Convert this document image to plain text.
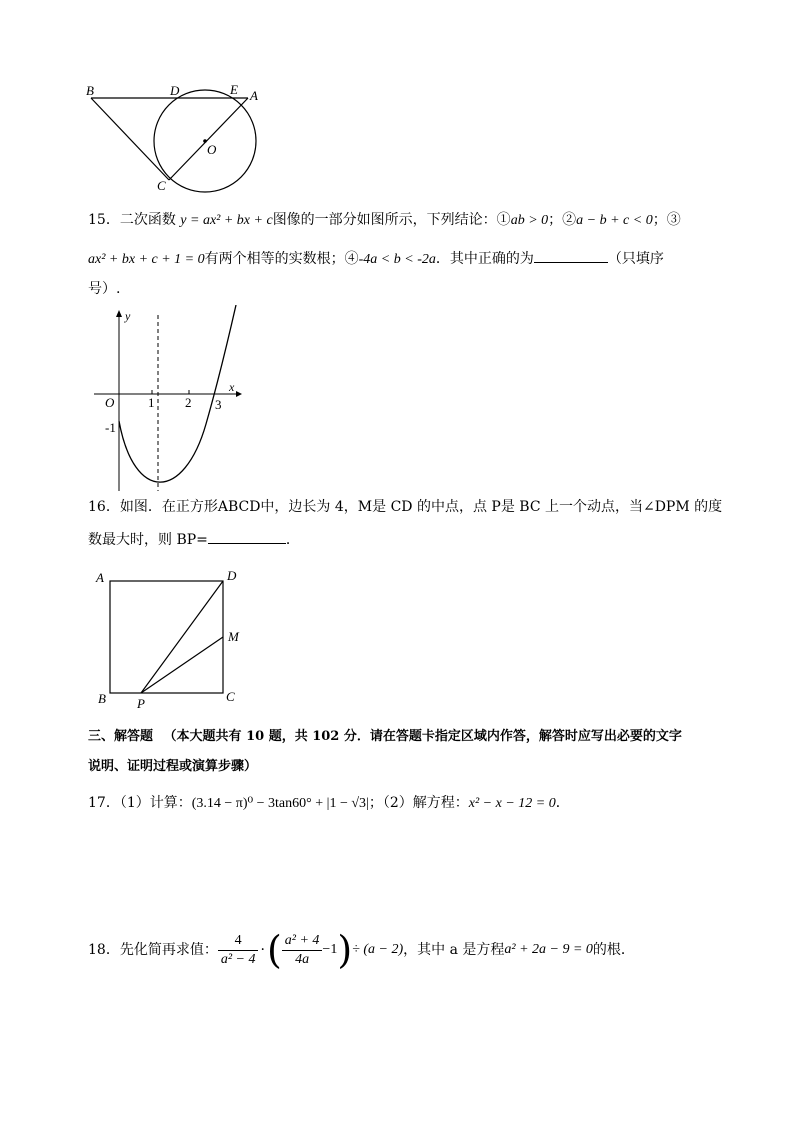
B	D	E A
O
C
15．二次函数 y = ax² + bx + c图像的一部分如图所示，下列结论：①ab > 0；②a − b + c < 0；③
ax² + bx + c + 1 = 0有两个相等的实数根；④-4a < b < -2a．其中正确的为	（只填序
号）.
y
x
O	1 2 3
-1
16．如图．在正方形ABCD中，边长为 4，M是 CD 的中点，点 P是 BC 上一个动点，当∠DPM 的度
数最大时，则 BP=	．
A	D
M
B P	C
三、解答题 （本大题共有 10 题，共 102 分．请在答题卡指定区域内作答，解答时应写出必要的文字
说明、证明过程或演算步骤）
17．（1）计算：(3.14 − π)⁰ − 3tan60° + |1 − √3|；（2）解方程：x² − x − 12 = 0．
18． 先化简再求值： $\frac{4}{\text{a² − 4}}$ · ( $\frac{\text{a² + 4}}{4a} -1$ ) ÷ (a − 2) ，其中 a 是方程 a² + 2a − 9 = 0 的根．
